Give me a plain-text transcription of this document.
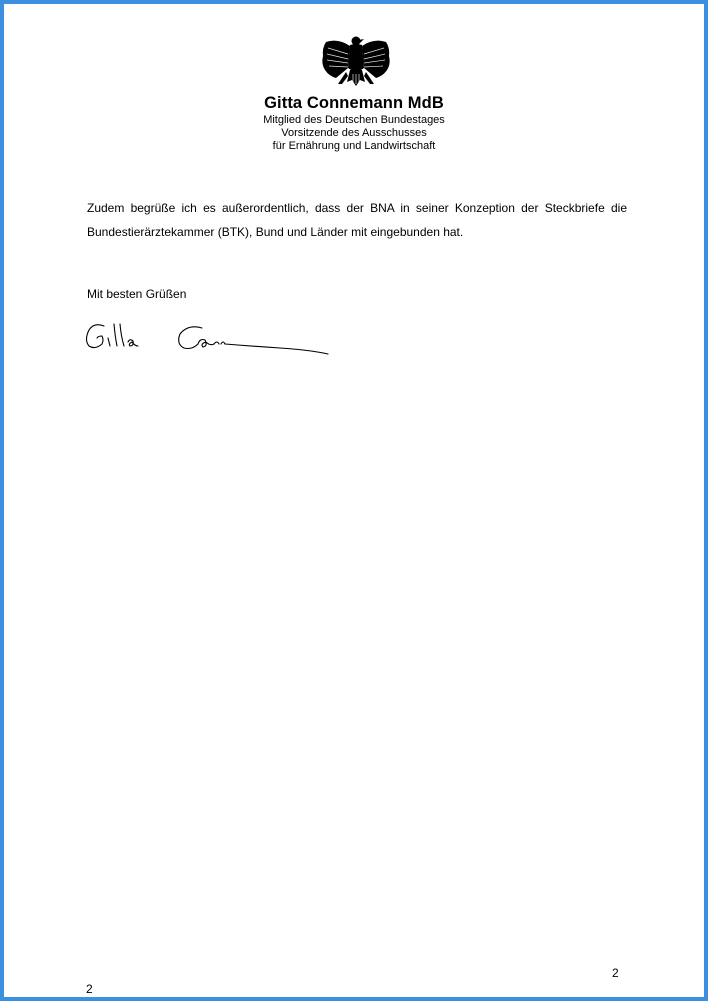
Gitta Connemann MdB
Mitglied des Deutschen Bundestages
Vorsitzende des Ausschusses
für Ernährung und Landwirtschaft
Zudem begrüße ich es außerordentlich, dass der BNA in seiner Konzeption der Steckbriefe die Bundestierärztekammer (BTK), Bund und Länder mit eingebunden hat.
Mit besten Grüßen
2
2
